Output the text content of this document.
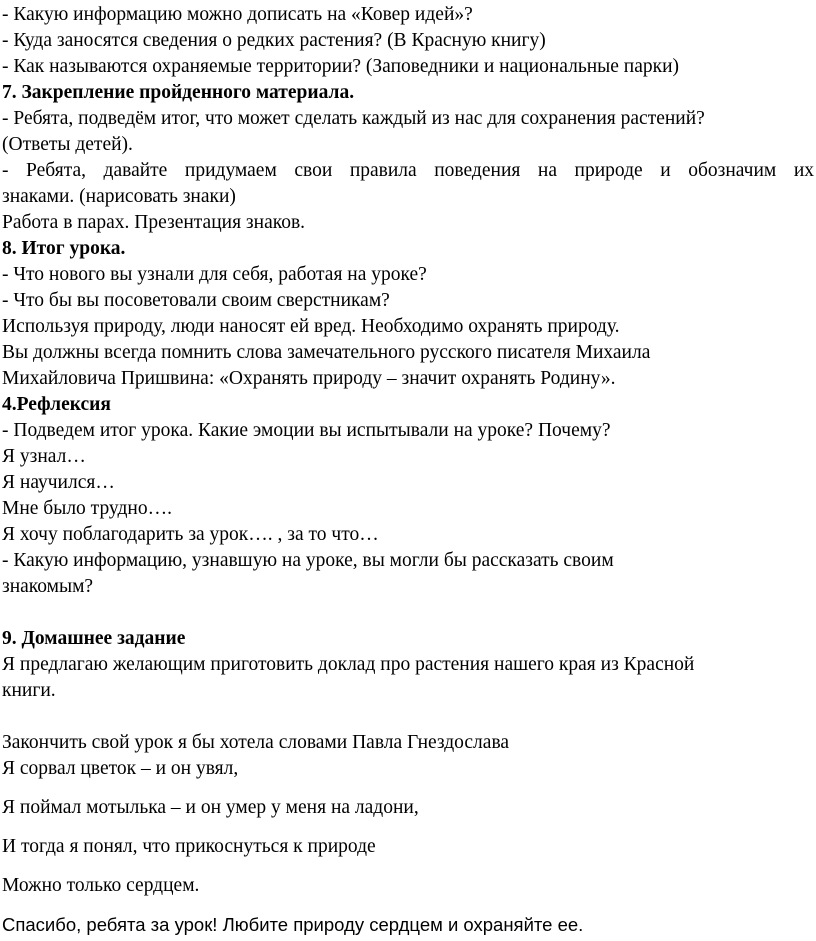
- Какую информацию можно дописать на «Ковер идей»?
- Куда заносятся сведения о редких растения? (В Красную книгу)
- Как называются охраняемые территории? (Заповедники и национальные парки)
7. Закрепление пройденного материала.
- Ребята, подведём итог, что может сделать каждый из нас для сохранения растений?
(Ответы детей).
- Ребята, давайте придумаем свои правила поведения на природе и обозначим их
знаками. (нарисовать знаки)
Работа в парах. Презентация знаков.
8. Итог урока.
- Что нового вы узнали для себя, работая на уроке?
- Что бы вы посоветовали своим сверстникам?
Используя природу, люди наносят ей вред. Необходимо охранять природу.
Вы должны всегда помнить слова замечательного русского писателя Михаила
Михайловича Пришвина: «Охранять природу – значит охранять Родину».
4.Рефлексия
- Подведем итог урока. Какие эмоции вы испытывали на уроке? Почему?
Я узнал…
Я научился…
Мне было трудно….
Я хочу поблагодарить за урок…. , за то что…
- Какую информацию, узнавшую на уроке, вы могли бы рассказать своим
знакомым?
9. Домашнее задание
Я предлагаю желающим приготовить доклад про растения нашего края из Красной
книги.
Закончить свой урок я бы хотела словами Павла Гнездослава
Я сорвал цветок – и он увял,
Я поймал мотылька – и он умер у меня на ладони,
И тогда я понял, что прикоснуться к природе
Можно только сердцем.
Спасибо, ребята за урок! Любите природу сердцем и охраняйте ее.
